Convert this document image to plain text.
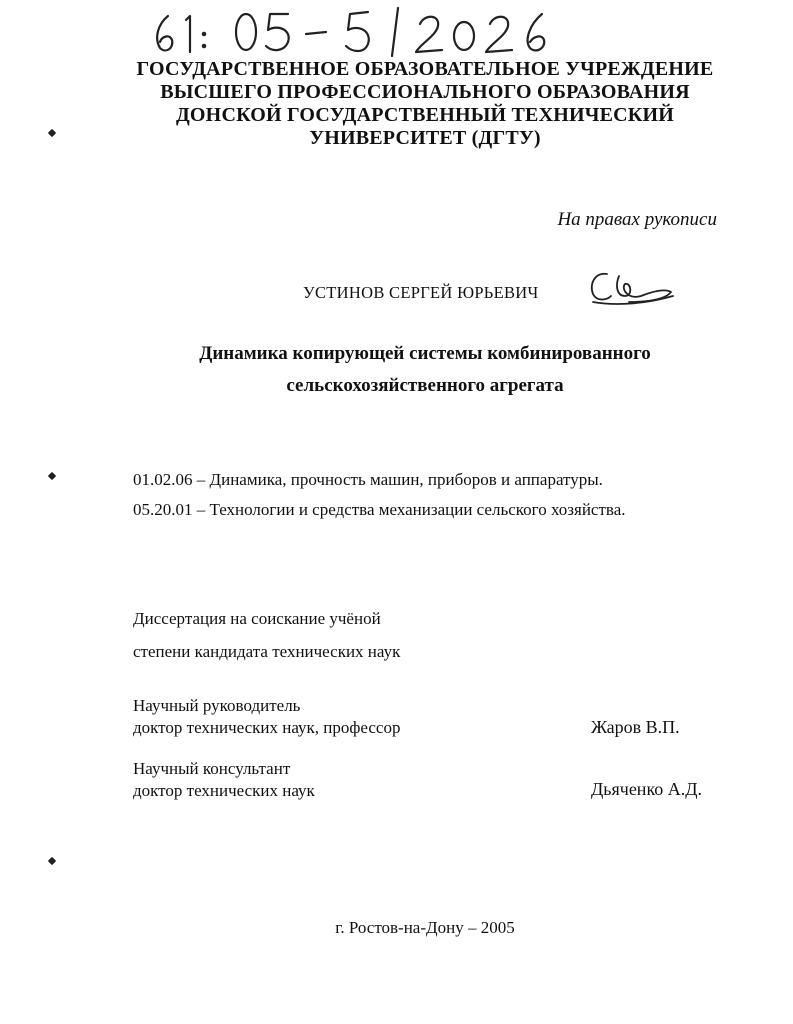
ГОСУДАРСТВЕННОЕ ОБРАЗОВАТЕЛЬНОЕ УЧРЕЖДЕНИЕ
ВЫСШЕГО ПРОФЕССИОНАЛЬНОГО ОБРАЗОВАНИЯ
ДОНСКОЙ ГОСУДАРСТВЕННЫЙ ТЕХНИЧЕСКИЙ
УНИВЕРСИТЕТ (ДГТУ)
На правах рукописи
УСТИНОВ СЕРГЕЙ ЮРЬЕВИЧ
Динамика копирующей системы комбинированного
сельскохозяйственного агрегата
01.02.06 – Динамика, прочность машин, приборов и аппаратуры.
05.20.01 – Технологии и средства механизации сельского хозяйства.
Диссертация на соискание учёной
степени кандидата технических наук
Научный руководитель
доктор технических наук, профессор	Жаров В.П.
Научный консультант
доктор технических наук	Дьяченко А.Д.
г. Ростов-на-Дону – 2005
